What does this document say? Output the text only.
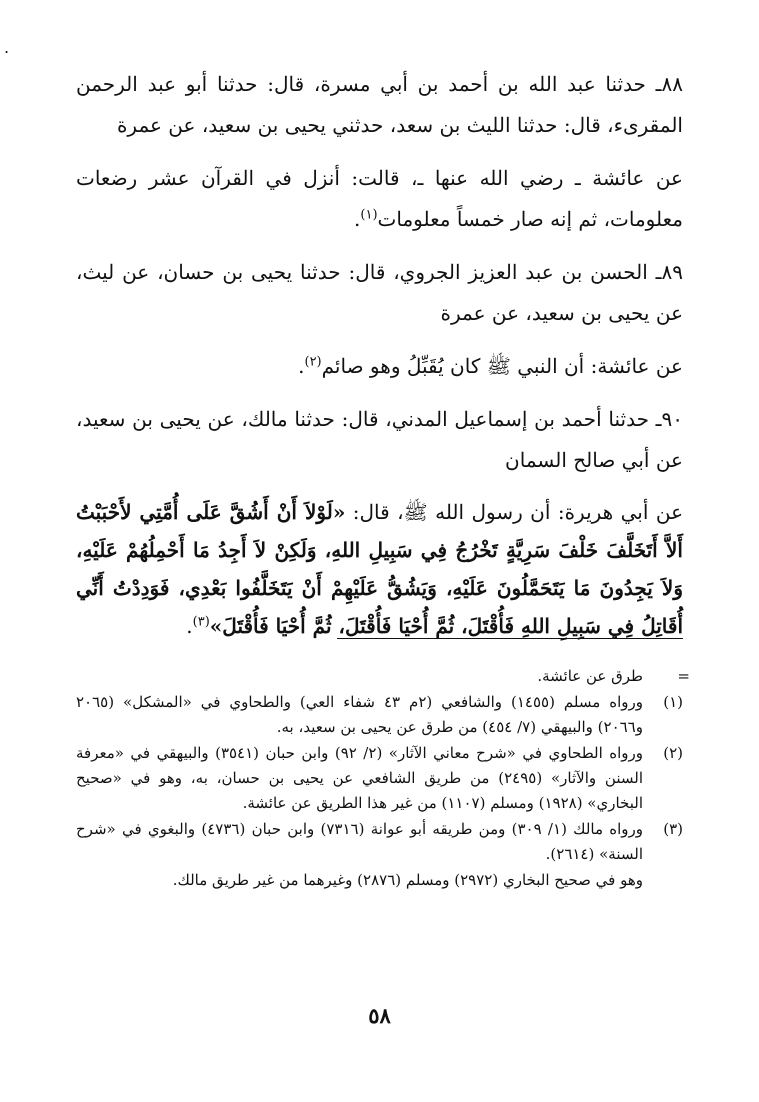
.

٨٨ـ حدثنا عبد الله بن أحمد بن أبي مسرة، قال: حدثنا أبو عبد الرحمن المقرىء، قال: حدثنا الليث بن سعد، حدثني يحيى بن سعيد، عن عمرة

عن عائشة ـ رضي الله عنها ـ، قالت: أنزل في القرآن عشر رضعات معلومات، ثم إنه صار خمساً معلومات$^{(١)}$.

٨٩ـ الحسن بن عبد العزيز الجروي، قال: حدثنا يحيى بن حسان، عن ليث، عن يحيى بن سعيد، عن عمرة

عن عائشة: أن النبي ﷺ كان يُقَبِّلُ وهو صائم$^{(٢)}$.

٩٠ـ حدثنا أحمد بن إسماعيل المدني، قال: حدثنا مالك، عن يحيى بن سعيد، عن أبي صالح السمان

عن أبي هريرة: أن رسول الله ﷺ، قال: «لَوْلاَ أَنْ أَشُقَّ عَلَى أُمَّتِي لأَحْبَبْتُ أَلاَّ أَتَخَلَّفَ خَلْفَ سَرِيَّةٍ تَخْرُجُ فِي سَبِيلِ اللهِ، وَلَكِنْ لاَ أَجِدُ مَا أَحْمِلُهُمْ عَلَيْهِ، وَلاَ يَجِدُونَ مَا يَتَحَمَّلُونَ عَلَيْهِ، وَيَشُقُّ عَلَيْهِمْ أَنْ يَتَخَلَّفُوا بَعْدِي، فَوَدِدْتُ أَنِّي أُقَاتِلُ فِي سَبِيلِ اللهِ فَأُقْتَلَ، ثُمَّ أُحْيَا فَأُقْتَلَ، ثُمَّ أُحْيَا فَأُقْتَلَ»$^{(٣)}$.

=
طرق عن عائشة.
(١)
ورواه مسلم (١٤٥٥) والشافعي (٢م ٤٣ شفاء العي) والطحاوي في «المشكل» (٢٠٦٥ و٢٠٦٦) والبيهقي (٧/ ٤٥٤) من طرق عن يحيى بن سعيد، به.
(٢)
ورواه الطحاوي في «شرح معاني الآثار» (٢/ ٩٢) وابن حبان (٣٥٤١) والبيهقي في «معرفة السنن والآثار» (٢٤٩٥) من طريق الشافعي عن يحيى بن حسان، به، وهو في «صحيح البخاري» (١٩٢٨) ومسلم (١١٠٧) من غير هذا الطريق عن عائشة.
(٣)
ورواه مالك (١/ ٣٠٩) ومن طريقه أبو عوانة (٧٣١٦) وابن حبان (٤٧٣٦) والبغوي في «شرح السنة» (٢٦١٤).
وهو في صحيح البخاري (٢٩٧٢) ومسلم (٢٨٧٦) وغيرهما من غير طريق مالك.
٥٨
